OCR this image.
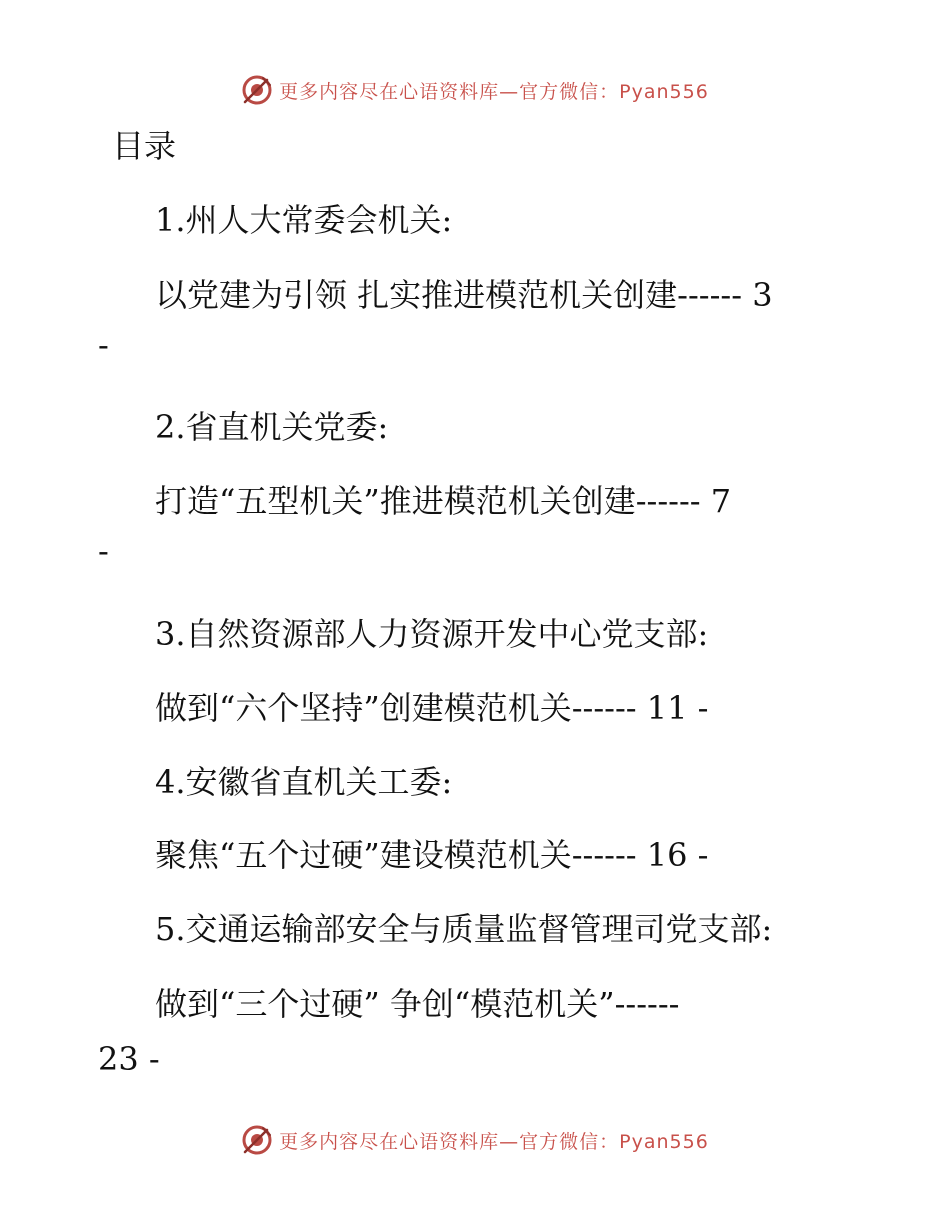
更多内容尽在心语资料库—官方微信：Pyan556
目录
1.州人大常委会机关:
以党建为引领 扎实推进模范机关创建------ 3
-
2.省直机关党委:
打造“五型机关”推进模范机关创建------ 7
-
3.自然资源部人力资源开发中心党支部:
做到“六个坚持”创建模范机关------ 11 -
4.安徽省直机关工委:
聚焦“五个过硬”建设模范机关------ 16 -
5.交通运输部安全与质量监督管理司党支部:
做到“三个过硬” 争创“模范机关”------
23 -
更多内容尽在心语资料库—官方微信：Pyan556
